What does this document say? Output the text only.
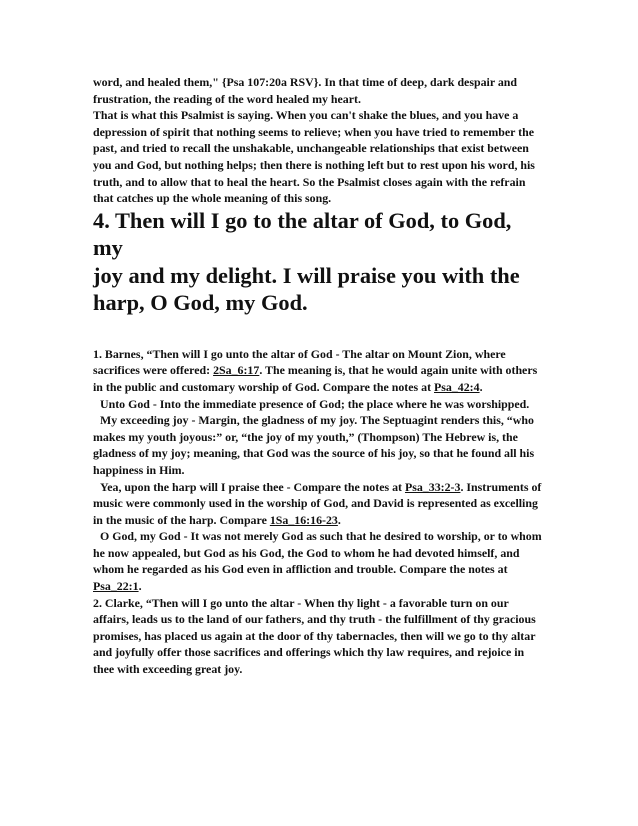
word, and healed them," {Psa 107:20a RSV}. In that time of deep, dark despair and frustration, the reading of the word healed my heart.

That is what this Psalmist is saying. When you can't shake the blues, and you have a depression of spirit that nothing seems to relieve; when you have tried to remember the past, and tried to recall the unshakable, unchangeable relationships that exist between you and God, but nothing helps; then there is nothing left but to rest upon his word, his truth, and to allow that to heal the heart. So the Psalmist closes again with the refrain that catches up the whole meaning of this song.

4. Then will I go to the altar of God, to God, my

joy and my delight. I will praise you with the

harp, O God, my God.

1. Barnes, “Then will I go unto the altar of God - The altar on Mount Zion, where sacrifices were offered: 2Sa_6:17. The meaning is, that he would again unite with others in the public and customary worship of God. Compare the notes at Psa_42:4.

Unto God - Into the immediate presence of God; the place where he was worshipped.

My exceeding joy - Margin, the gladness of my joy. The Septuagint renders this, “who makes my youth joyous:” or, “the joy of my youth,” (Thompson) The Hebrew is, the gladness of my joy; meaning, that God was the source of his joy, so that he found all his happiness in Him.

Yea, upon the harp will I praise thee - Compare the notes at Psa_33:2-3. Instruments of music were commonly used in the worship of God, and David is represented as excelling in the music of the harp. Compare 1Sa_16:16-23.

O God, my God - It was not merely God as such that he desired to worship, or to whom he now appealed, but God as his God, the God to whom he had devoted himself, and whom he regarded as his God even in affliction and trouble. Compare the notes at Psa_22:1.

2. Clarke, “Then will I go unto the altar - When thy light - a favorable turn on our affairs, leads us to the land of our fathers, and thy truth - the fulfillment of thy gracious promises, has placed us again at the door of thy tabernacles, then will we go to thy altar and joyfully offer those sacrifices and offerings which thy law requires, and rejoice in thee with exceeding great joy.
